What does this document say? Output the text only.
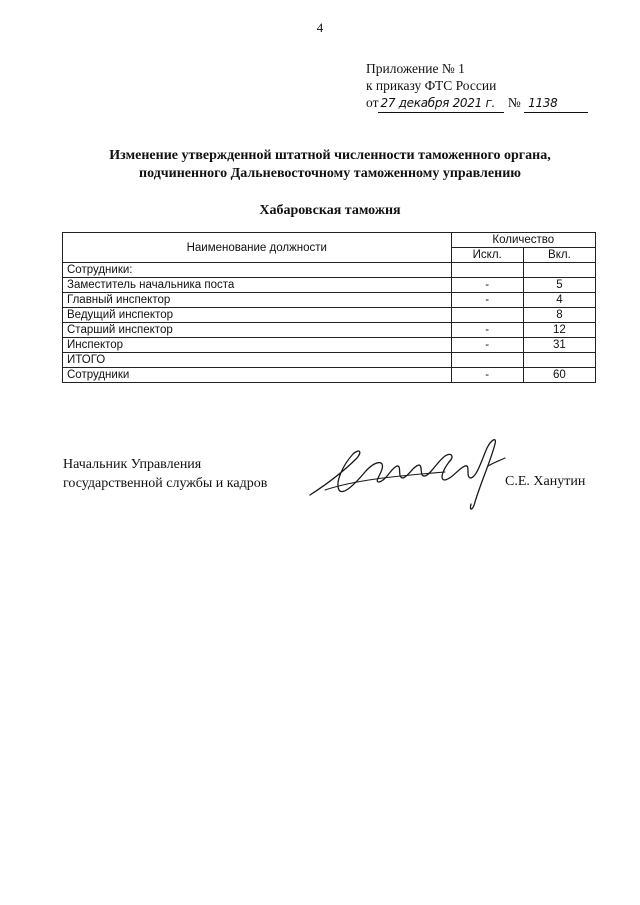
4
Приложение № 1
к приказу ФТС России
от 27 декабря 2021 г. № 1138
Изменение утвержденной штатной численности таможенного органа,
подчиненного Дальневосточному таможенному управлению
Хабаровская таможня
Наименование должности	Количество	
	Искл.	Вкл.
Сотрудники:		
Заместитель начальника поста	-	5
Главный инспектор	-	4
Ведущий инспектор		8
Старший инспектор	-	12
Инспектор	-	31
ИТОГО		
Сотрудники	-	60
Начальник Управления
государственной службы и кадров	С.Е. Ханутин
